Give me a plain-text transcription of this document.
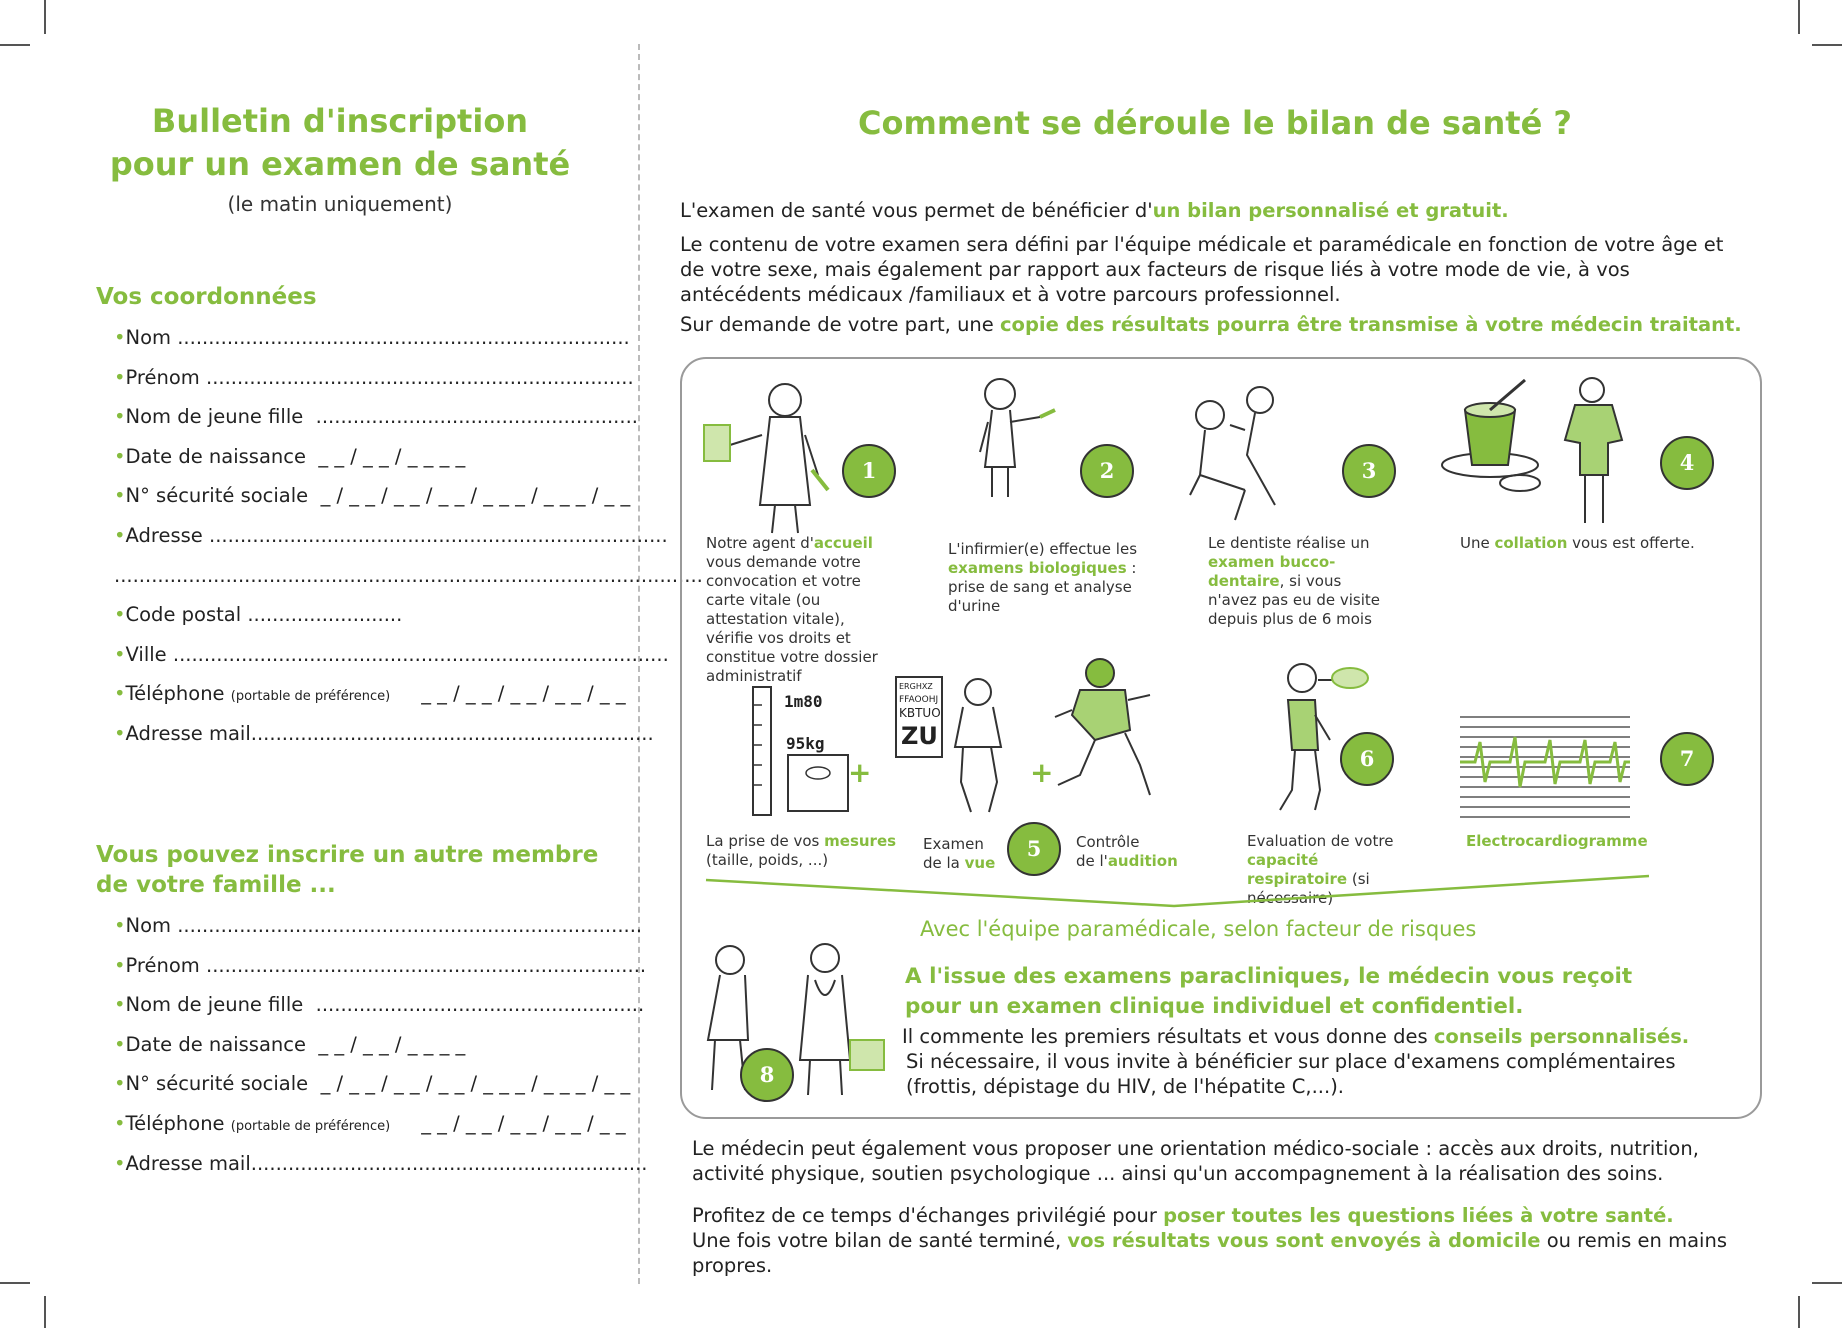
Bulletin d'inscription
pour un examen de santé
(le matin uniquement)
Vos coordonnées
•Nom .........................................................................
•Prénom .....................................................................
•Nom de jeune fille  ....................................................
•Date de naissance  _ _ / _ _ / _ _ _ _
•N° sécurité sociale  _ / _ _ / _ _ / _ _ / _ _ _ / _ _ _ / _ _
•Adresse ..........................................................................
...............................................................................................
•Code postal .........................
•Ville ................................................................................
•Téléphone (portable de préférence)     _ _ / _ _ / _ _ / _ _ / _ _
•Adresse mail.................................................................
Vous pouvez inscrire un autre membre
de votre famille ...
•Nom ...........................................................................
•Prénom .......................................................................
•Nom de jeune fille  .....................................................
•Date de naissance  _ _ / _ _ / _ _ _ _
•N° sécurité sociale  _ / _ _ / _ _ / _ _ / _ _ _ / _ _ _ / _ _
•Téléphone (portable de préférence)     _ _ / _ _ / _ _ / _ _ / _ _
•Adresse mail................................................................
Comment se déroule le bilan de santé ?
L'examen de santé vous permet de bénéficier d'un bilan personnalisé et gratuit.
Le contenu de votre examen sera défini par l'équipe médicale et paramédicale en fonction de votre âge et de votre sexe, mais également par rapport aux facteurs de risque liés à votre mode de vie, à vos antécédents médicaux /familiaux et à votre parcours professionnel.
Sur demande de votre part, une copie des résultats pourra être transmise à votre médecin traitant.
1m80
95kg
+
ERGHXZ
FFAOOHJ
KBTUO
ZU
+
1	2	3	4
5
6	7
8
Notre agent d'accueil vous demande votre convocation et votre carte vitale (ou attestation vitale), vérifie vos droits et constitue votre dossier administratif
L'infirmier(e) effectue les examens biologiques : prise de sang et analyse d'urine
Le dentiste réalise un examen bucco-dentaire, si vous n'avez pas eu de visite depuis plus de 6 mois
Une collation vous est offerte.
La prise de vos mesures
(taille, poids, ...)
Examen
de la vue
Contrôle
de l'audition
Evaluation de votre capacité respiratoire (si nécessaire)
Electrocardiogramme
Avec l'équipe paramédicale, selon facteur de risques
A l'issue des examens paracliniques, le médecin vous reçoit
pour un examen clinique individuel et confidentiel.
Il commente les premiers résultats et vous donne des conseils personnalisés.
Si nécessaire, il vous invite à bénéficier sur place d'examens complémentaires (frottis, dépistage du HIV, de l'hépatite C,...).
Le médecin peut également vous proposer une orientation médico-sociale : accès aux droits, nutrition, activité physique, soutien psychologique ... ainsi qu'un accompagnement à la réalisation des soins.
Profitez de ce temps d'échanges privilégié pour poser toutes les questions liées à votre santé.
Une fois votre bilan de santé terminé, vos résultats vous sont envoyés à domicile ou remis en mains propres.
